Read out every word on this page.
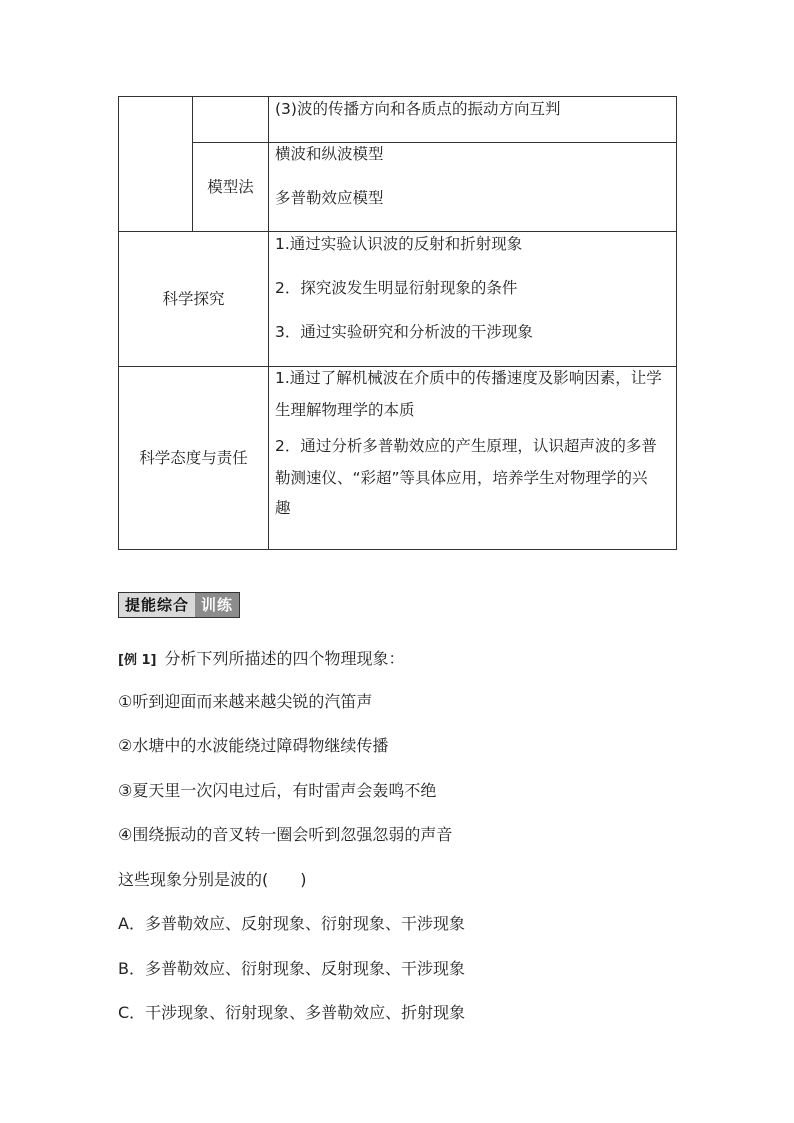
		(3)波的传播方向和各质点的振动方向互判

	模型法	横波和纵波模型
多普勒效应模型

科学探究		1.通过实验认识波的反射和折射现象
2．探究波发生明显衍射现象的条件
3．通过实验研究和分析波的干涉现象

科学态度与责任		1.通过了解机械波在介质中的传播速度及影响因素，让学
生理解物理学的本质
2．通过分析多普勒效应的产生原理，认识超声波的多普
勒测速仪、“彩超”等具体应用，培养学生对物理学的兴
趣
提能综合 训练
[例 1] 分析下列所描述的四个物理现象：
①听到迎面而来越来越尖锐的汽笛声
②水塘中的水波能绕过障碍物继续传播
③夏天里一次闪电过后，有时雷声会轰鸣不绝
④围绕振动的音叉转一圈会听到忽强忽弱的声音
这些现象分别是波的(　　)
A．多普勒效应、反射现象、衍射现象、干涉现象
B．多普勒效应、衍射现象、反射现象、干涉现象
C．干涉现象、衍射现象、多普勒效应、折射现象
